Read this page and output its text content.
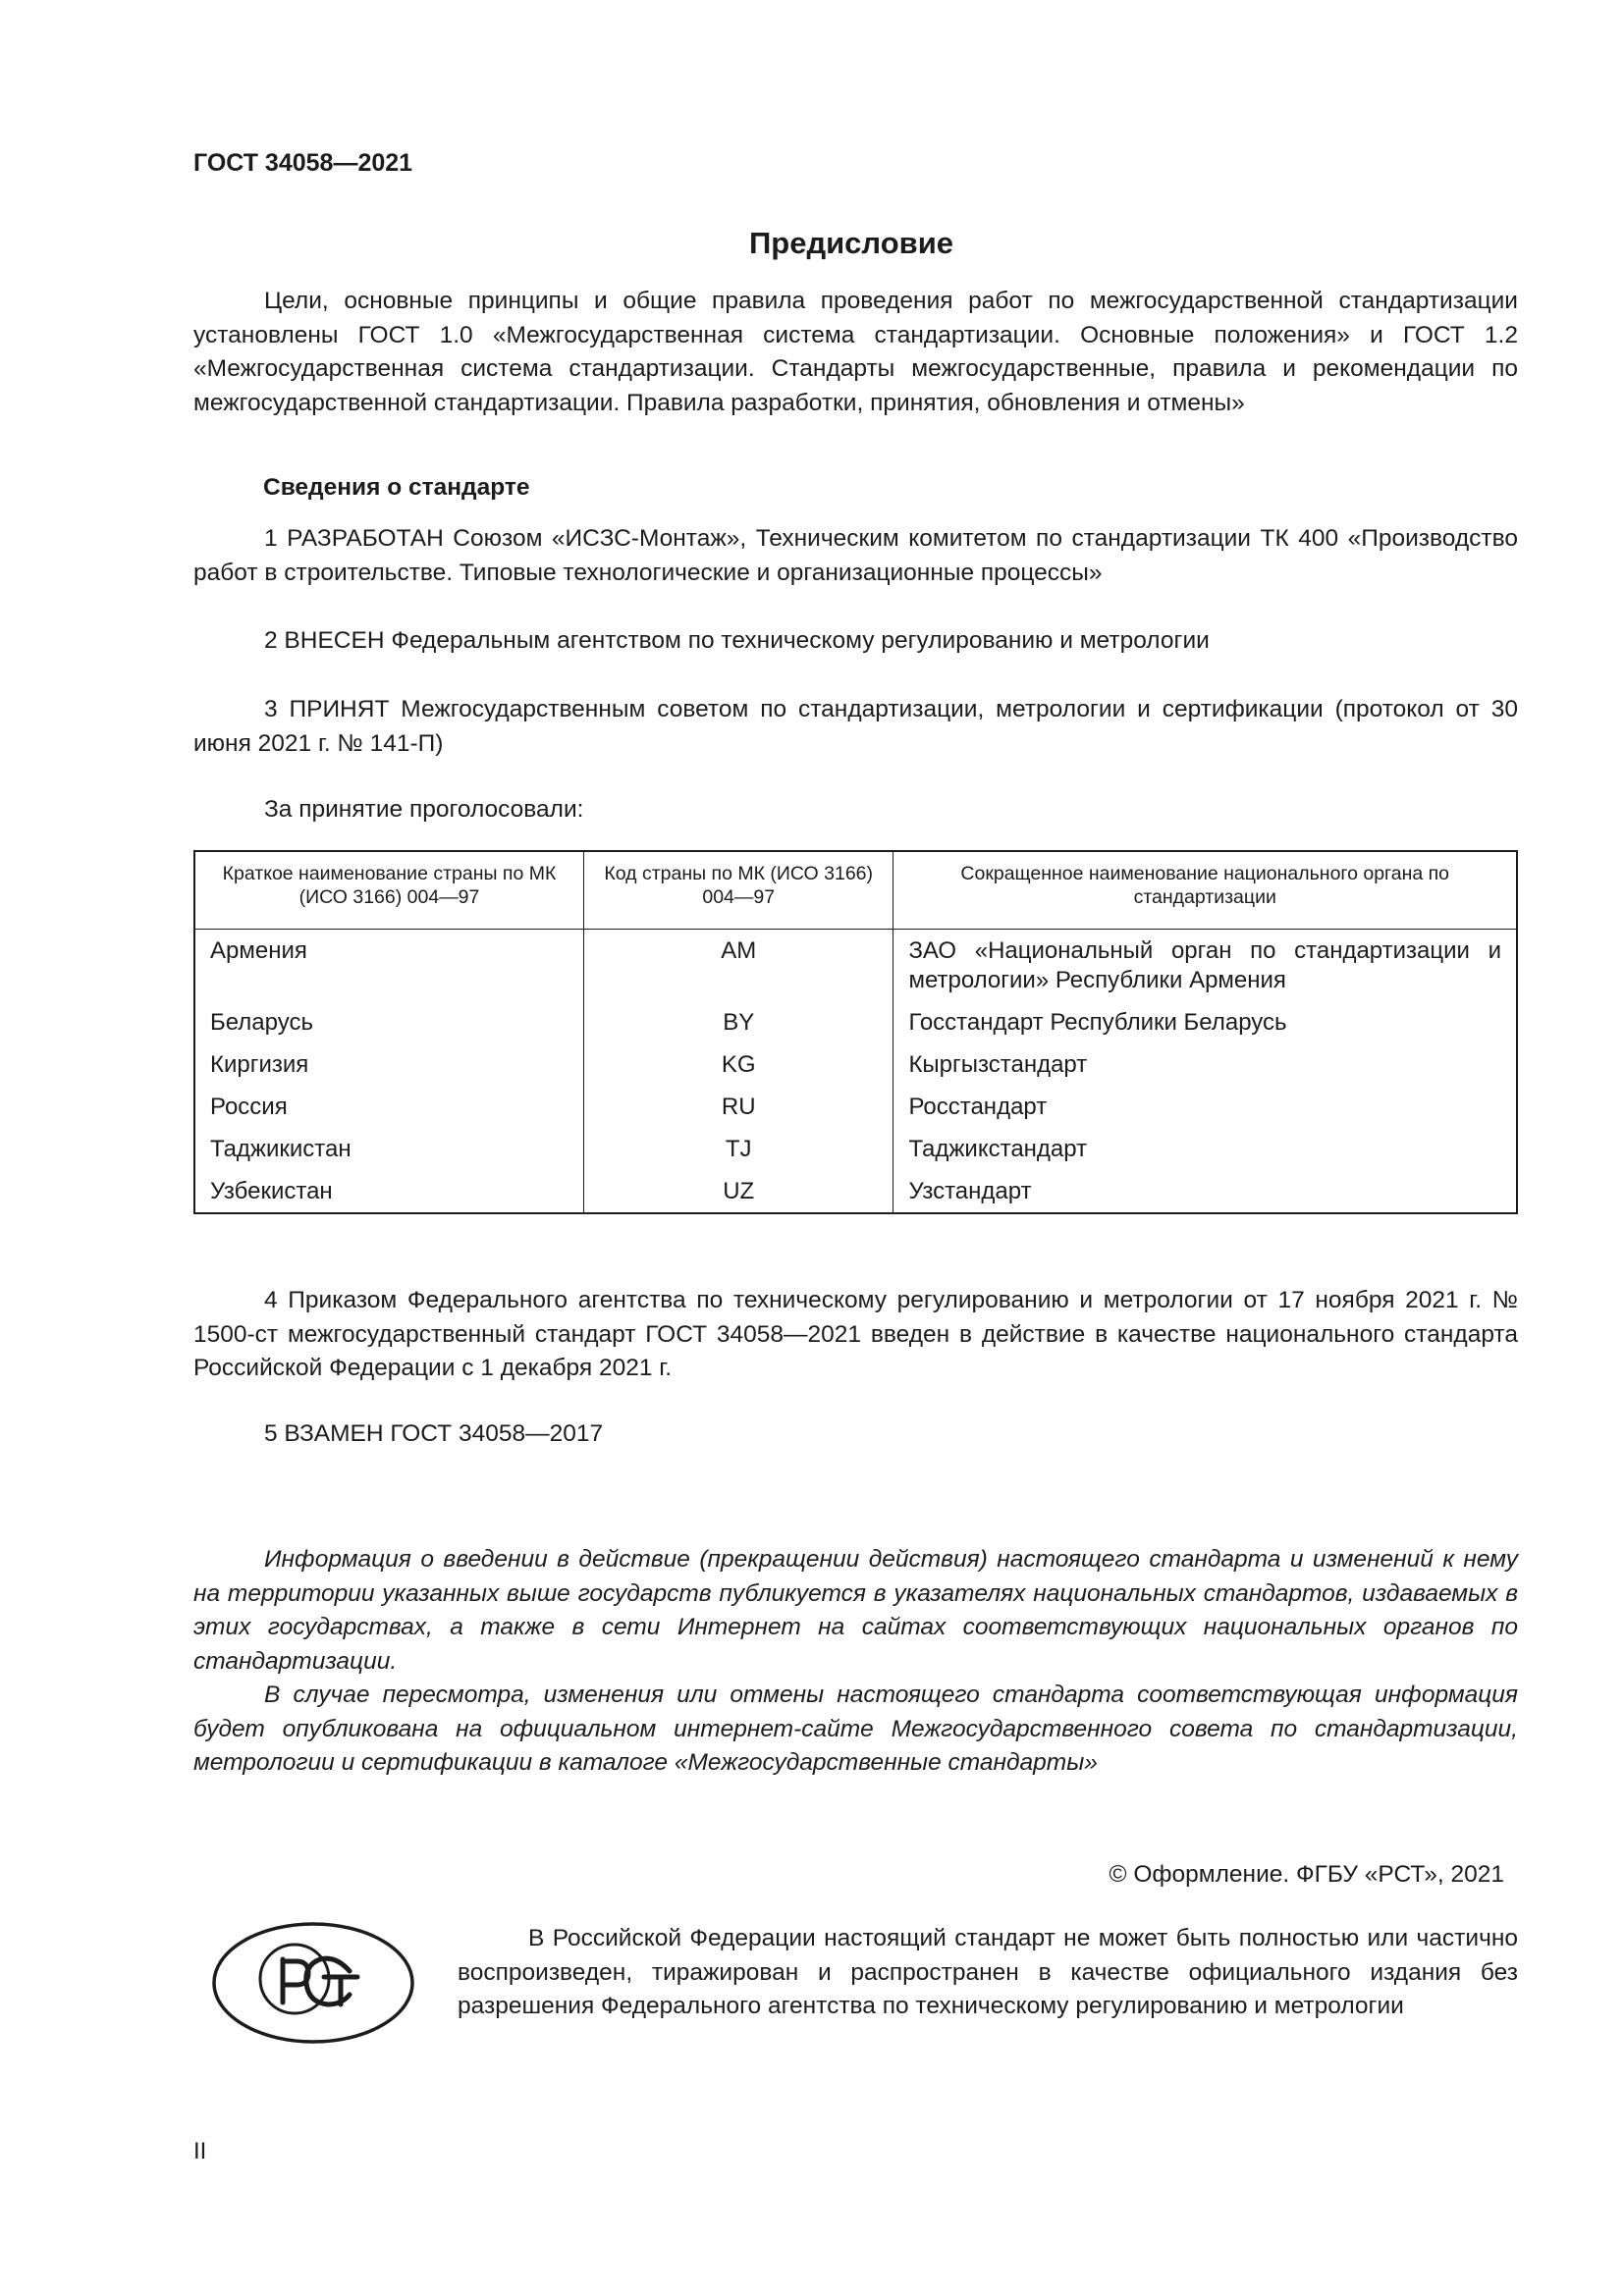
ГОСТ 34058—2021
Предисловие
Цели, основные принципы и общие правила проведения работ по межгосударственной стандартизации установлены ГОСТ 1.0 «Межгосударственная система стандартизации. Основные положения» и ГОСТ 1.2 «Межгосударственная система стандартизации. Стандарты межгосударственные, правила и рекомендации по межгосударственной стандартизации. Правила разработки, принятия, обновления и отмены»
Сведения о стандарте
1 РАЗРАБОТАН Союзом «ИСЗС-Монтаж», Техническим комитетом по стандартизации ТК 400 «Производство работ в строительстве. Типовые технологические и организационные процессы»
2 ВНЕСЕН Федеральным агентством по техническому регулированию и метрологии
3 ПРИНЯТ Межгосударственным советом по стандартизации, метрологии и сертификации (протокол от 30 июня 2021 г. № 141-П)
За принятие проголосовали:
Краткое наименование страны по МК (ИСО 3166) 004—97	Код страны по МК (ИСО 3166) 004—97	Сокращенное наименование национального органа по стандартизации
Армения	AM	ЗАО «Национальный орган по стандартизации и метрологии» Республики Армения
Беларусь	BY	Госстандарт Республики Беларусь
Киргизия	KG	Кыргызстандарт
Россия	RU	Росстандарт
Таджикистан	TJ	Таджикстандарт
Узбекистан	UZ	Узстандарт
4 Приказом Федерального агентства по техническому регулированию и метрологии от 17 ноября 2021 г. № 1500-ст межгосударственный стандарт ГОСТ 34058—2021 введен в действие в качестве национального стандарта Российской Федерации с 1 декабря 2021 г.
5 ВЗАМЕН ГОСТ 34058—2017
Информация о введении в действие (прекращении действия) настоящего стандарта и изменений к нему на территории указанных выше государств публикуется в указателях национальных стандартов, издаваемых в этих государствах, а также в сети Интернет на сайтах соответствующих национальных органов по стандартизации.
В случае пересмотра, изменения или отмены настоящего стандарта соответствующая информация будет опубликована на официальном интернет-сайте Межгосударственного совета по стандартизации, метрологии и сертификации в каталоге «Межгосударственные стандарты»
© Оформление. ФГБУ «РСТ», 2021
В Российской Федерации настоящий стандарт не может быть полностью или частично воспроизведен, тиражирован и распространен в качестве официального издания без разрешения Федерального агентства по техническому регулированию и метрологии
II
